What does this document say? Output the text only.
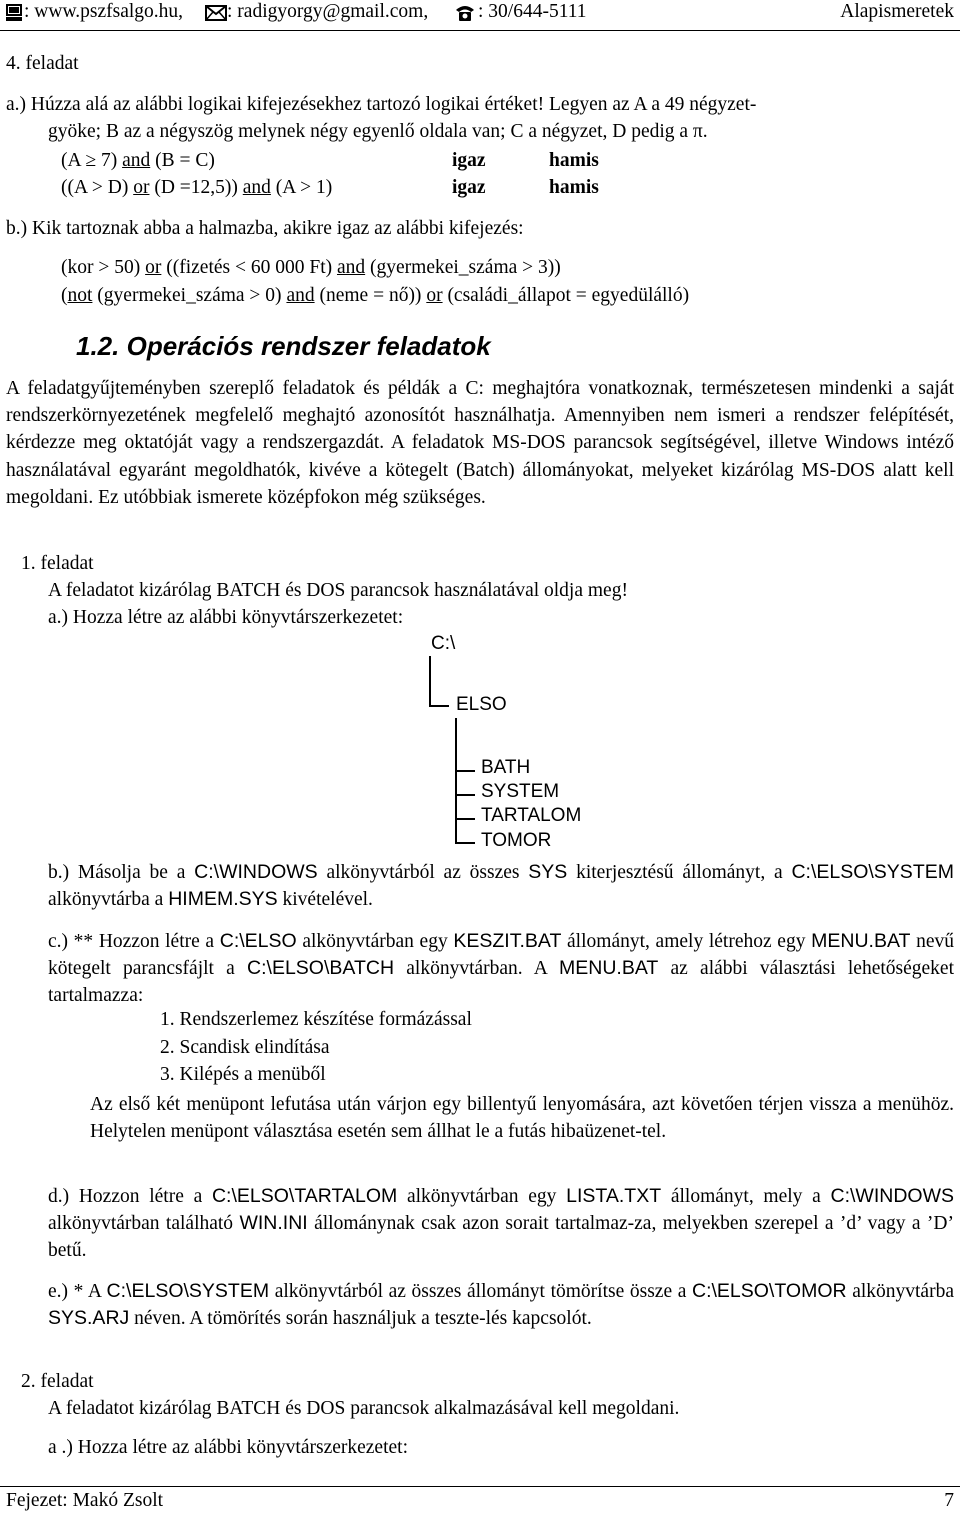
: www.pszfsalgo.hu, : radigyorgy@gmail.com,	: 30/644-5111	Alapismeretek
4. feladat
a.) Húzza alá az alábbi logikai kifejezésekhez tartozó logikai értéket! Legyen az A a 49 négyzet-
gyöke; B az a négyszög melynek négy egyenlő oldala van; C a négyzet, D pedig a π.
(A ≥ 7) and (B = C)	igaz	hamis
((A > D) or (D =12,5)) and (A > 1)	igaz	hamis
b.) Kik tartoznak abba a halmazba, akikre igaz az alábbi kifejezés:
(kor > 50) or ((fizetés < 60 000 Ft) and (gyermekei_száma > 3))
(not (gyermekei_száma > 0) and (neme = nő)) or (családi_állapot = egyedülálló)
1.2. Operációs rendszer feladatok
A feladatgyűjteményben szereplő feladatok és példák a C: meghajtóra vonatkoznak, természetesen mindenki a saját rendszerkörnyezetének megfelelő meghajtó azonosítót használhatja. Amennyiben nem ismeri a rendszer felépítését, kérdezze meg oktatóját vagy a rendszergazdát. A feladatok MS-DOS parancsok segítségével, illetve Windows intéző használatával egyaránt megoldhatók, kivéve a kötegelt (Batch) állományokat, melyeket kizárólag MS-DOS alatt kell megoldani. Ez utóbbiak ismerete középfokon még szükséges.
1. feladat
A feladatot kizárólag BATCH és DOS parancsok használatával oldja meg!
a.) Hozza létre az alábbi könyvtárszerkezetet:
C:\
ELSO
BATH
SYSTEM
TARTALOM
TOMOR
b.) Másolja be a C:\WINDOWS alkönyvtárból az összes SYS kiterjesztésű állományt, a C:\ELSO\SYSTEM alkönyvtárba a HIMEM.SYS kivételével.
c.) ** Hozzon létre a C:\ELSO alkönyvtárban egy KESZIT.BAT állományt, amely létrehoz egy MENU.BAT nevű kötegelt parancsfájlt a C:\ELSO\BATCH alkönyvtárban. A MENU.BAT az alábbi választási lehetőségeket tartalmazza:
1. Rendszerlemez készítése formázással
2. Scandisk elindítása
3. Kilépés a menüből
Az első két menüpont lefutása után várjon egy billentyű lenyomására, azt követően térjen vissza a menühöz. Helytelen menüpont választása esetén sem állhat le a futás hibaüzenet-tel.
d.) Hozzon létre a C:\ELSO\TARTALOM alkönyvtárban egy LISTA.TXT állományt, mely a C:\WINDOWS alkönyvtárban található WIN.INI állománynak csak azon sorait tartalmaz-za, melyekben szerepel a ’d’ vagy a ’D’ betű.
e.) * A C:\ELSO\SYSTEM alkönyvtárból az összes állományt tömörítse össze a C:\ELSO\TOMOR alkönyvtárba SYS.ARJ néven. A tömörítés során használjuk a teszte-lés kapcsolót.
2. feladat
A feladatot kizárólag BATCH és DOS parancsok alkalmazásával kell megoldani.
a .) Hozza létre az alábbi könyvtárszerkezetet:
Fejezet: Makó Zsolt	7
